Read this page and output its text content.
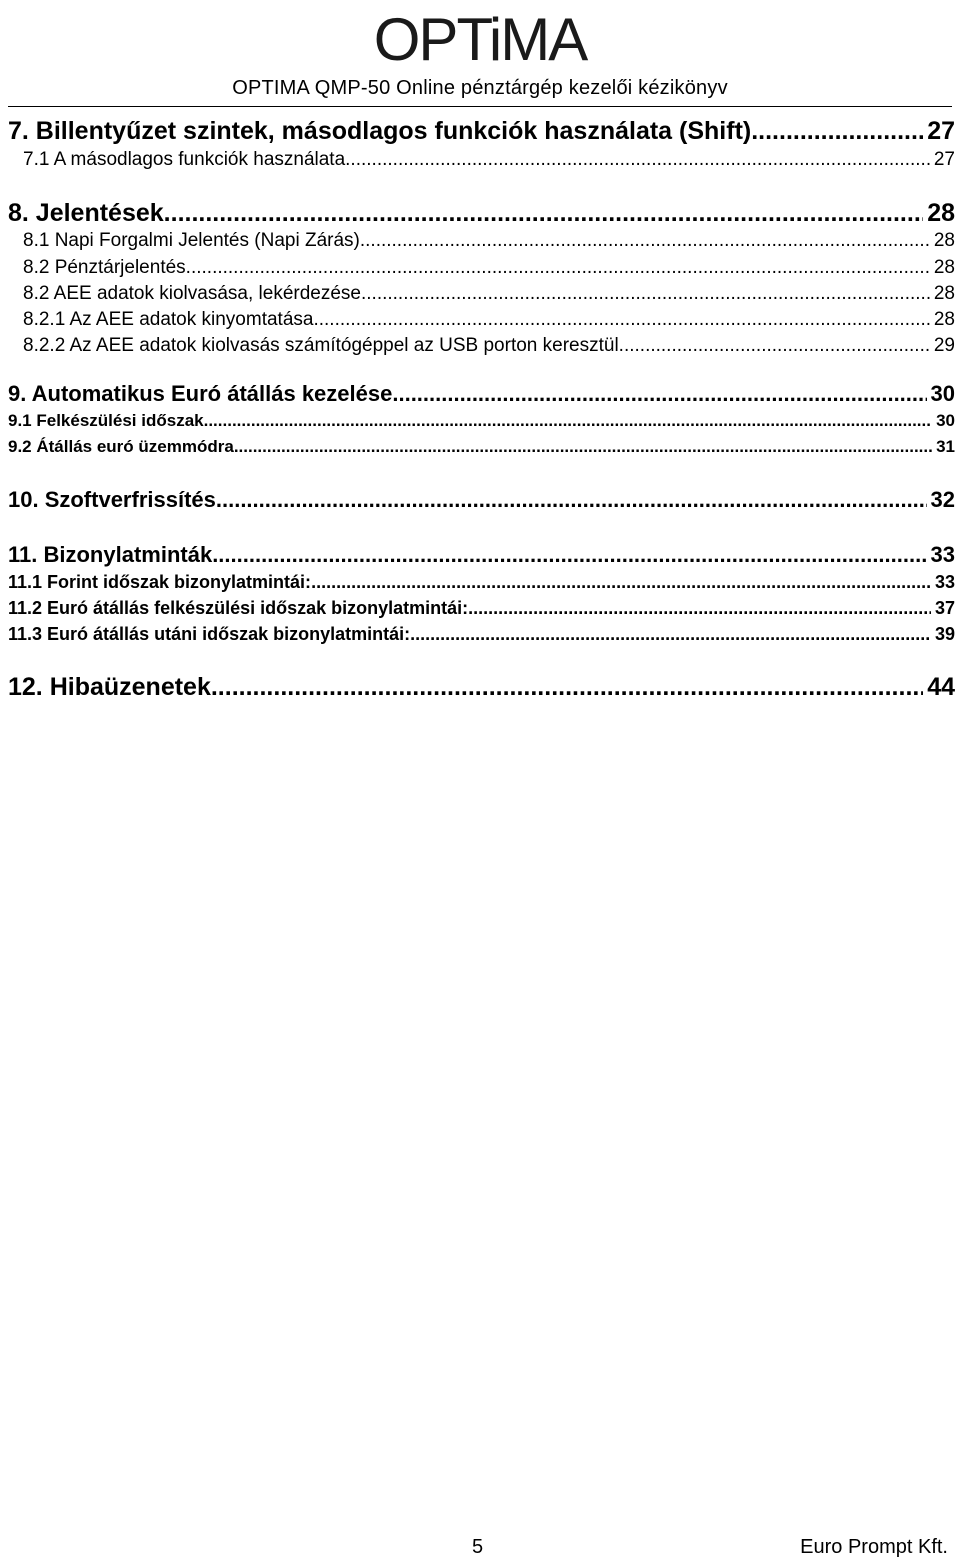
OPTiMA
OPTIMA QMP-50 Online pénztárgép kezelői kézikönyv
7. Billentyűzet szintek, másodlagos funkciók használata (Shift) .....	27
7.1 A másodlagos funkciók használata .....	27
8. Jelentések .....	28
8.1 Napi Forgalmi Jelentés (Napi Zárás) .....	28
8.2 Pénztárjelentés .....	28
8.2 AEE adatok kiolvasása, lekérdezése .....	28
8.2.1 Az AEE adatok kinyomtatása .....	28
8.2.2 Az AEE adatok kiolvasás számítógéppel az USB porton keresztül .....	29
9. Automatikus Euró átállás kezelése .....	30
9.1 Felkészülési időszak .....	30
9.2 Átállás euró üzemmódra .....	31
10. Szoftverfrissítés .....	32
11. Bizonylatminták .....	33
11.1 Forint időszak bizonylatmintái: .....	33
11.2 Euró átállás felkészülési időszak bizonylatmintái: .....	37
11.3 Euró átállás utáni időszak bizonylatmintái: .....	39
12. Hibaüzenetek .....	44
5	Euro Prompt Kft.
